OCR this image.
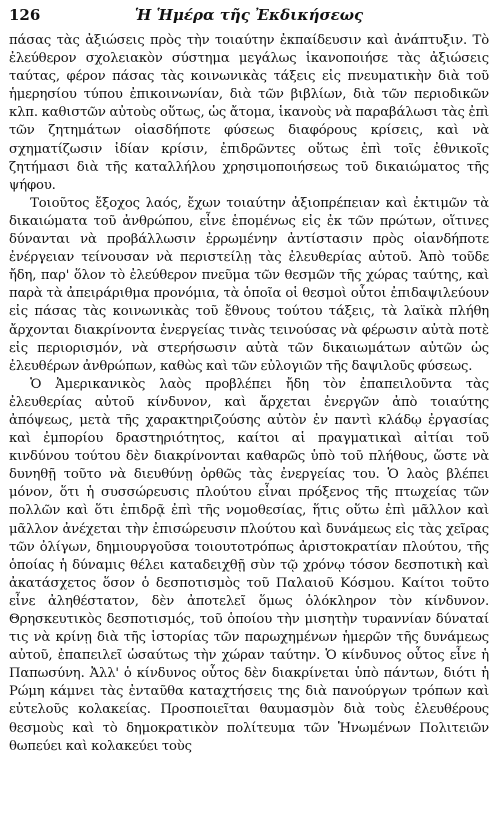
126	Ἡ Ἡμέρα τῆς Ἐκδικήσεως

πάσας τὰς ἀξιώσεις πρὸς τὴν τοιαύτην ἐκπαίδευσιν καὶ ἀνάπτυξιν. Τὸ ἐλεύθερον σχολειακὸν σύστημα μεγάλως ἱκανοποιήσε τὰς ἀξιώσεις ταύτας, φέρον πάσας τὰς κοινωνικὰς τάξεις εἰς πνευματικὴν διὰ τοῦ ἡμερησίου τύπου ἐπικοινωνίαν, διὰ τῶν βιβλίων, διὰ τῶν περιοδικῶν κλπ. καθιστῶν αὐτοὺς οὕτως, ὡς ἄτομα, ἱκανοὺς νὰ παραβάλωσι τὰς ἐπὶ τῶν ζητημάτων οἱασδήποτε φύσεως διαφόρους κρίσεις, καὶ νὰ σχηματίζωσιν ἰδίαν κρίσιν, ἐπιδρῶντες οὕτως ἐπὶ τοῖς ἐθνικοῖς ζητήμασι διὰ τῆς καταλλήλου χρησιμοποιήσεως τοῦ δικαιώματος τῆς ψήφου.

Τοιοῦτος ἔξοχος λαός, ἔχων τοιαύτην ἀξιοπρέπειαν καὶ ἐκτιμῶν τὰ δικαιώματα τοῦ ἀνθρώπου, εἶνε ἑπομένως εἰς ἐκ τῶν πρώτων, οἵτινες δύνανται νὰ προβάλλωσιν ἐρρωμένην ἀντίστασιν πρὸς οἱανδήποτε ἐνέργειαν τείνουσαν νὰ περιστείλῃ τὰς ἐλευθερίας αὐτοῦ. Ἀπὸ τοῦδε ἤδη, παρ' ὅλον τὸ ἐλεύθερον πνεῦμα τῶν θεσμῶν τῆς χώρας ταύτης, καὶ παρὰ τὰ ἀπειράριθμα προνόμια, τὰ ὁποῖα οἱ θεσμοὶ οὗτοι ἐπιδαψιλεύουν εἰς πάσας τὰς κοινωνικὰς τοῦ ἔθνους τούτου τάξεις, τὰ λαϊκὰ πλήθη ἄρχονται διακρίνοντα ἐνεργείας τινὰς τεινούσας νὰ φέρωσιν αὐτὰ ποτὲ εἰς περιορισμόν, νὰ στερήσωσιν αὐτὰ τῶν δικαιωμάτων αὐτῶν ὡς ἐλευθέρων ἀνθρώπων, καθὼς καὶ τῶν εὐλογιῶν τῆς δαψιλοῦς φύσεως.

Ὁ Ἀμερικανικὸς λαὸς προβλέπει ἤδη τὸν ἐπαπειλοῦντα τὰς ἐλευθερίας αὐτοῦ κίνδυνον, καὶ ἄρχεται ἐνεργῶν ἀπὸ τοιαύτης ἀπόψεως, μετὰ τῆς χαρακτηριζούσης αὐτὸν ἐν παντὶ κλάδῳ ἐργασίας καὶ ἐμπορίου δραστηριότητος, καίτοι αἱ πραγματικαὶ αἰτίαι τοῦ κινδύνου τούτου δὲν διακρίνονται καθαρῶς ὑπὸ τοῦ πλήθους, ὥστε νὰ δυνηθῇ τοῦτο νὰ διευθύνῃ ὀρθῶς τὰς ἐνεργείας του. Ὁ λαὸς βλέπει μόνον, ὅτι ἡ συσσώρευσις πλούτου εἶναι πρόξενος τῆς πτωχείας τῶν πολλῶν καὶ ὅτι ἐπιδρᾷ ἐπὶ τῆς νομοθεσίας, ἥτις οὕτω ἐπὶ μᾶλλον καὶ μᾶλλον ἀνέχεται τὴν ἐπισώρευσιν πλούτου καὶ δυνάμεως εἰς τὰς χεῖρας τῶν ὀλίγων, δημιουργοῦσα τοιουτοτρόπως ἀριστοκρατίαν πλούτου, τῆς ὁποίας ἡ δύναμις θέλει καταδειχθῇ σὺν τῷ χρόνῳ τόσον δεσποτικὴ καὶ ἀκατάσχετος ὅσον ὁ δεσποτισμὸς τοῦ Παλαιοῦ Κόσμου. Καίτοι τοῦτο εἶνε ἀληθέστατον, δὲν ἀποτελεῖ ὅμως ὁλόκληρον τὸν κίνδυνον. Θρησκευτικὸς δεσποτισμός, τοῦ ὁποίου τὴν μισητὴν τυραννίαν δύναταί τις νὰ κρίνῃ διὰ τῆς ἱστορίας τῶν παρωχημένων ἡμερῶν τῆς δυνάμεως αὐτοῦ, ἐπαπειλεῖ ὡσαύτως τὴν χώραν ταύτην. Ὁ κίνδυνος οὗτος εἶνε ἡ Παπωσύνη. Ἀλλ' ὁ κίνδυνος οὗτος δὲν διακρίνεται ὑπὸ πάντων, διότι ἡ Ρώμη κάμνει τὰς ἐνταῦθα καταχτήσεις της διὰ πανούργων τρόπων καὶ εὐτελοῦς κολακείας. Προσποιεῖται θαυμασμὸν διὰ τοὺς ἐλευθέρους θεσμοὺς καὶ τὸ δημοκρατικὸν πολίτευμα τῶν Ἡνωμένων Πολιτειῶν θωπεύει καὶ κολακεύει τοὺς
